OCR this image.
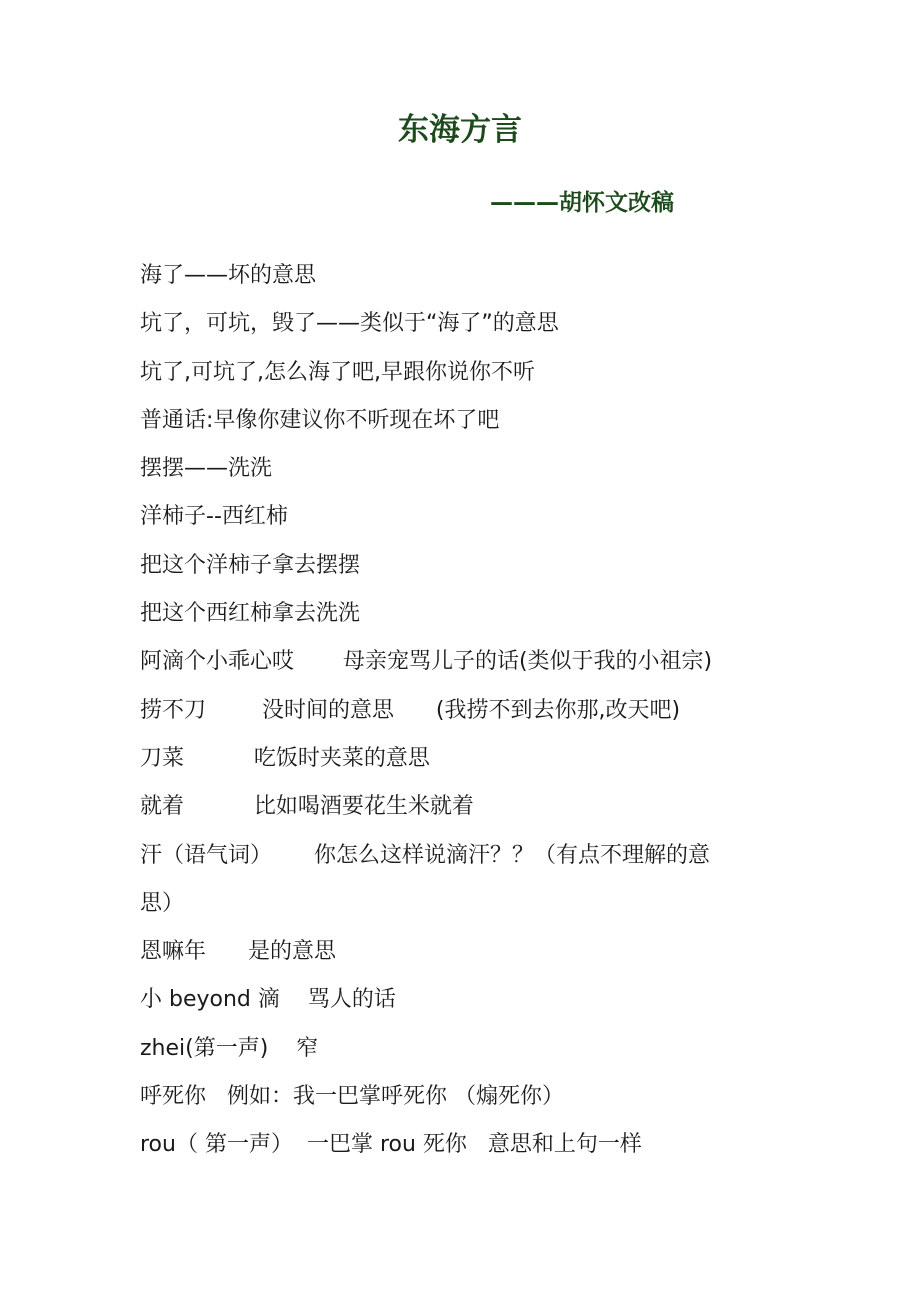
东海方言
———胡怀文改稿
海了——坏的意思
坑了，可坑，毁了——类似于“海了”的意思
坑了,可坑了,怎么海了吧,早跟你说你不听
普通话:早像你建议你不听现在坏了吧
摆摆——洗洗
洋柿子--西红柿
把这个洋柿子拿去摆摆
把这个西红柿拿去洗洗
阿滴个小乖心哎       母亲宠骂儿子的话(类似于我的小祖宗)
捞不刀        没时间的意思      (我捞不到去你那,改天吧)
刀菜          吃饭时夹菜的意思
就着          比如喝酒要花生米就着
汗（语气词）      你怎么这样说滴汗？？（有点不理解的意
思）
恩嘛年      是的意思
小 beyond 滴    骂人的话
zhei(第一声)    窄
呼死你   例如：我一巴掌呼死你 （煽死你）
rou（ 第一声）  一巴掌 rou 死你   意思和上句一样
